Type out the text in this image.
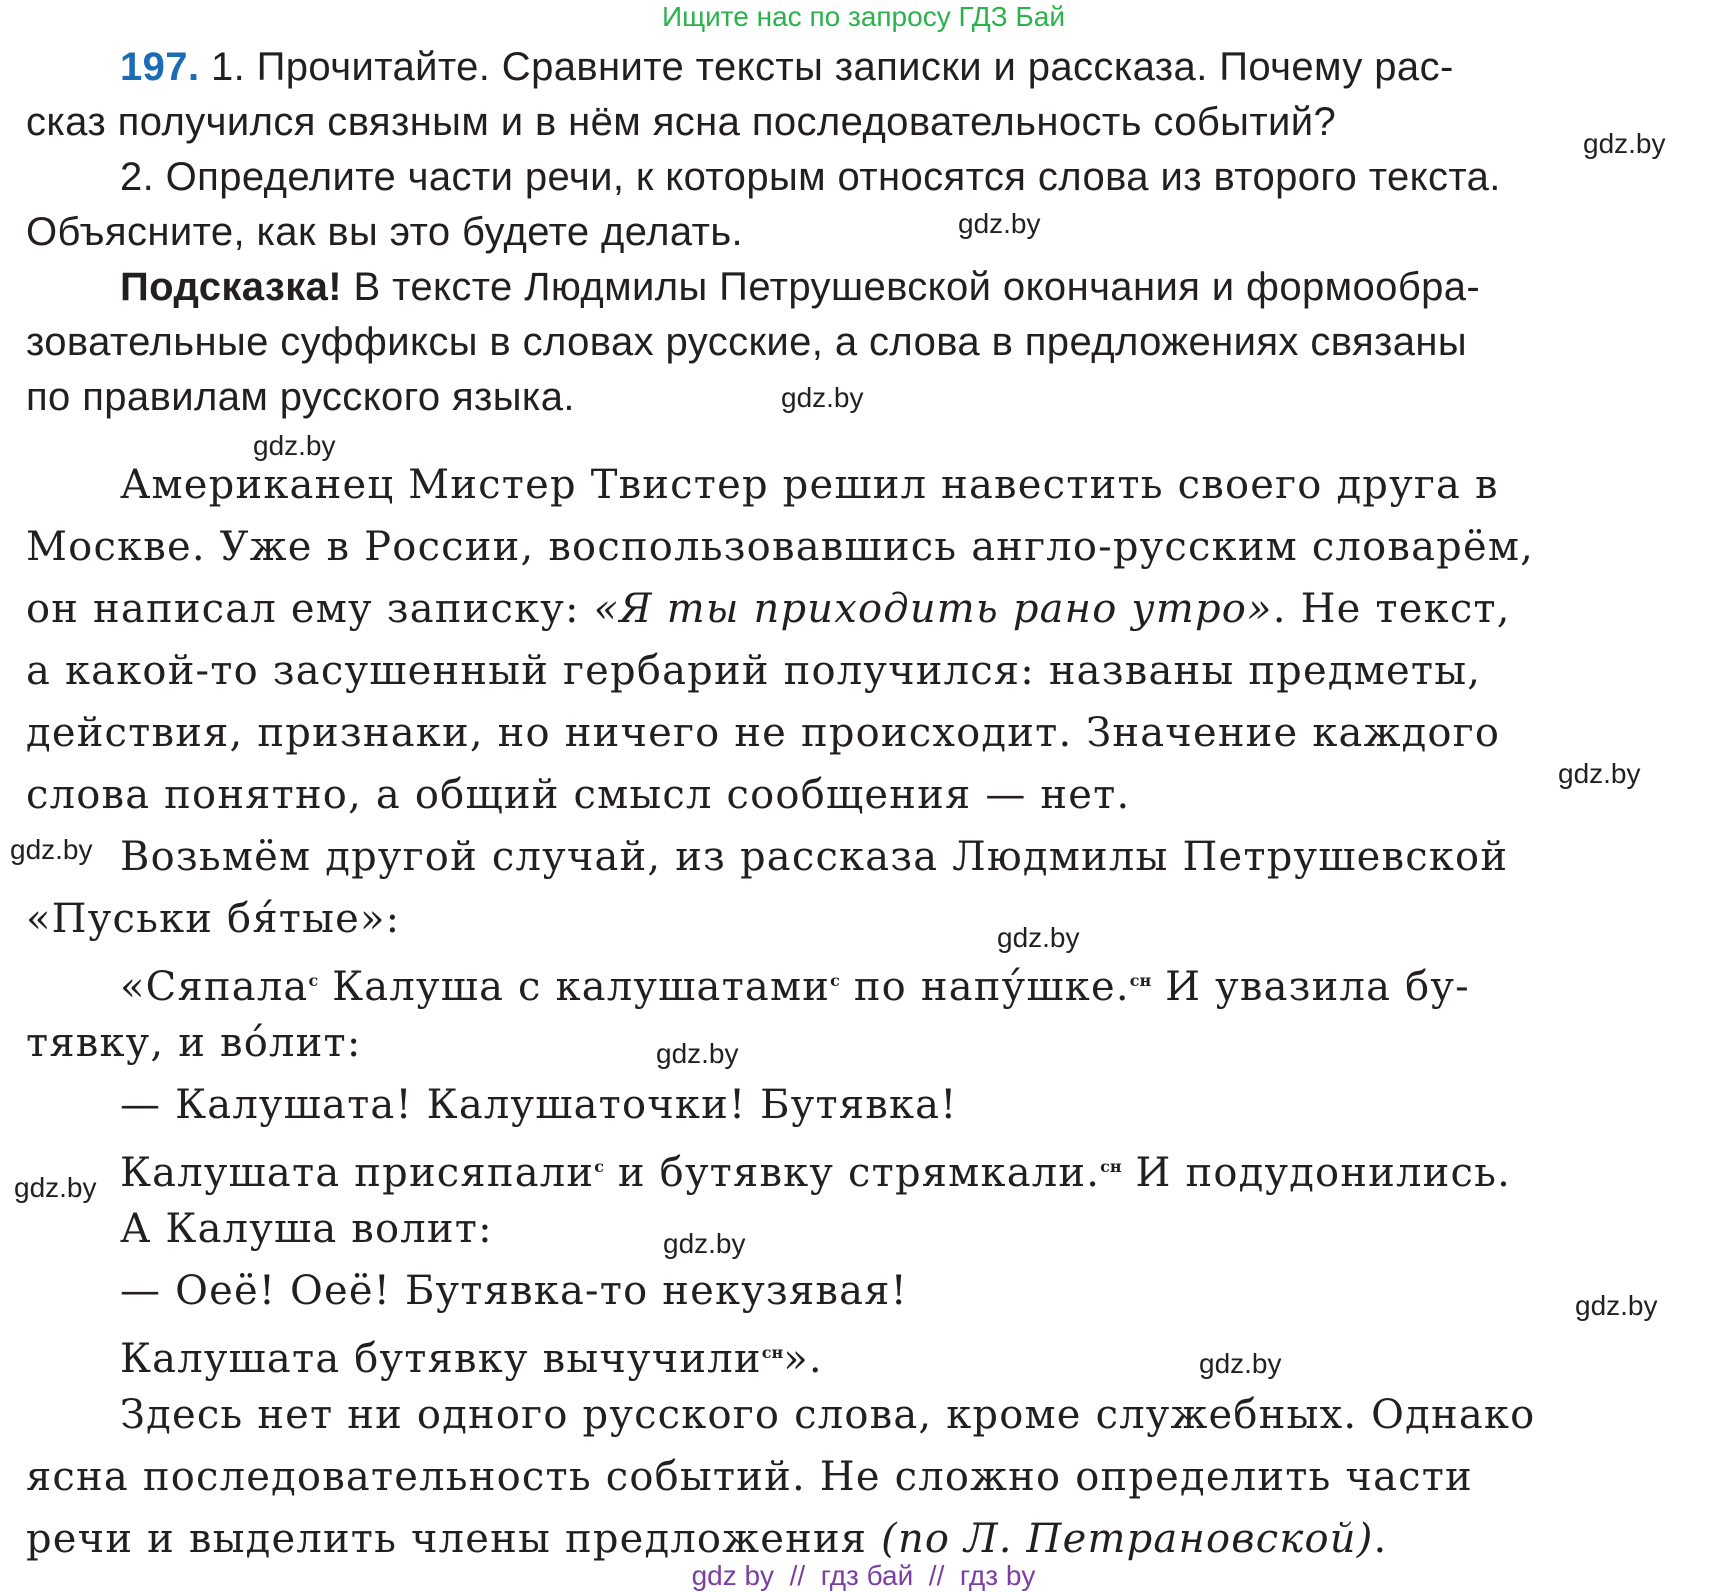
Ищите нас по запросу ГДЗ Бай
197. 1. Прочитайте. Сравните тексты записки и рассказа. Почему рас-
сказ получился связным и в нём ясна последовательность событий?
2. Определите части речи, к которым относятся слова из второго текста.
Объясните, как вы это будете делать.
Подсказка! В тексте Людмилы Петрушевской окончания и формообра-
зовательные суффиксы в словах русские, а слова в предложениях связаны
по правилам русского языка.
Американец Мистер Твистер решил навестить своего друга в
Москве. Уже в России, воспользовавшись англо-русским словарём,
он написал ему записку: «Я ты приходить рано утро». Не текст,
а какой-то засушенный гербарий получился: названы предметы,
действия, признаки, но ничего не происходит. Значение каждого
слова понятно, а общий смысл сообщения — нет.
Возьмём другой случай, из рассказа Людмилы Петрушевской
«Пуськи бя́тые»:
«Сяпала$^с$ Калуша с калушатами$^с$ по напу́шке.$^{сн}$ И увазила бу-
тявку, и во́лит:
— Калушата! Калушаточки! Бутявка!
Калушата присяпали$^с$ и бутявку стрямкали.$^{сн}$ И подудонились.
А Калуша волит:
— Оеё! Оеё! Бутявка-то некузявая!
Калушата бутявку вычучили$^{сн}$».
Здесь нет ни одного русского слова, кроме служебных. Однако
ясна последовательность событий. Не сложно определить части
речи и выделить члены предложения (по Л. Петрановской).
gdz.by
gdz.by
gdz.by
gdz.by
gdz.by
gdz.by
gdz.by
gdz.by
gdz.by
gdz.by
gdz.by
gdz.by
gdz by  //  гдз бай  //  гдз by
